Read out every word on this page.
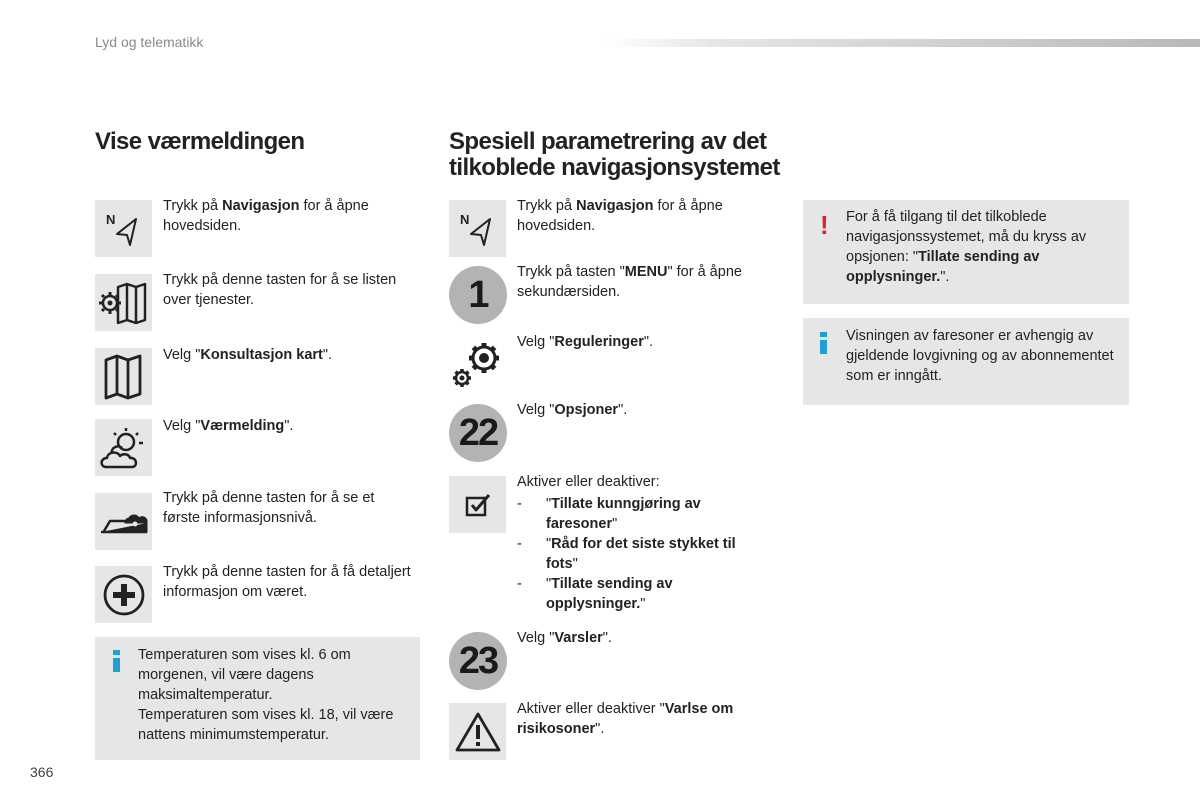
Lyd og telematikk
Vise værmeldingen
N
Trykk på Navigasjon for å åpne hovedsiden.
Trykk på denne tasten for å se listen over tjenester.
Velg "Konsultasjon kart".
Velg "Værmelding".
Trykk på denne tasten for å se et første informasjonsnivå.
Trykk på denne tasten for å få detaljert informasjon om været.
Temperaturen som vises kl. 6 om morgenen, vil være dagens maksimaltemperatur.
Temperaturen som vises kl. 18, vil være nattens minimumstemperatur.
Spesiell parametrering av det
tilkoblede navigasjonsystemet
N
Trykk på Navigasjon for å åpne hovedsiden.
1
Trykk på tasten "MENU" for å åpne sekundærsiden.
Velg "Reguleringer".
22
Velg "Opsjoner".
Aktiver eller deaktiver:
-	"Tillate kunngjøring av faresoner"
-	"Råd for det siste stykket til fots"
-	"Tillate sending av opplysninger."
23
Velg "Varsler".
Aktiver eller deaktiver "Varlse om risikosoner".
! For å få tilgang til det tilkoblede navigasjonssystemet, må du kryss av opsjonen: "Tillate sending av opplysninger.".
Visningen av faresoner er avhengig av gjeldende lovgivning og av abonnementet som er inngått.
366
